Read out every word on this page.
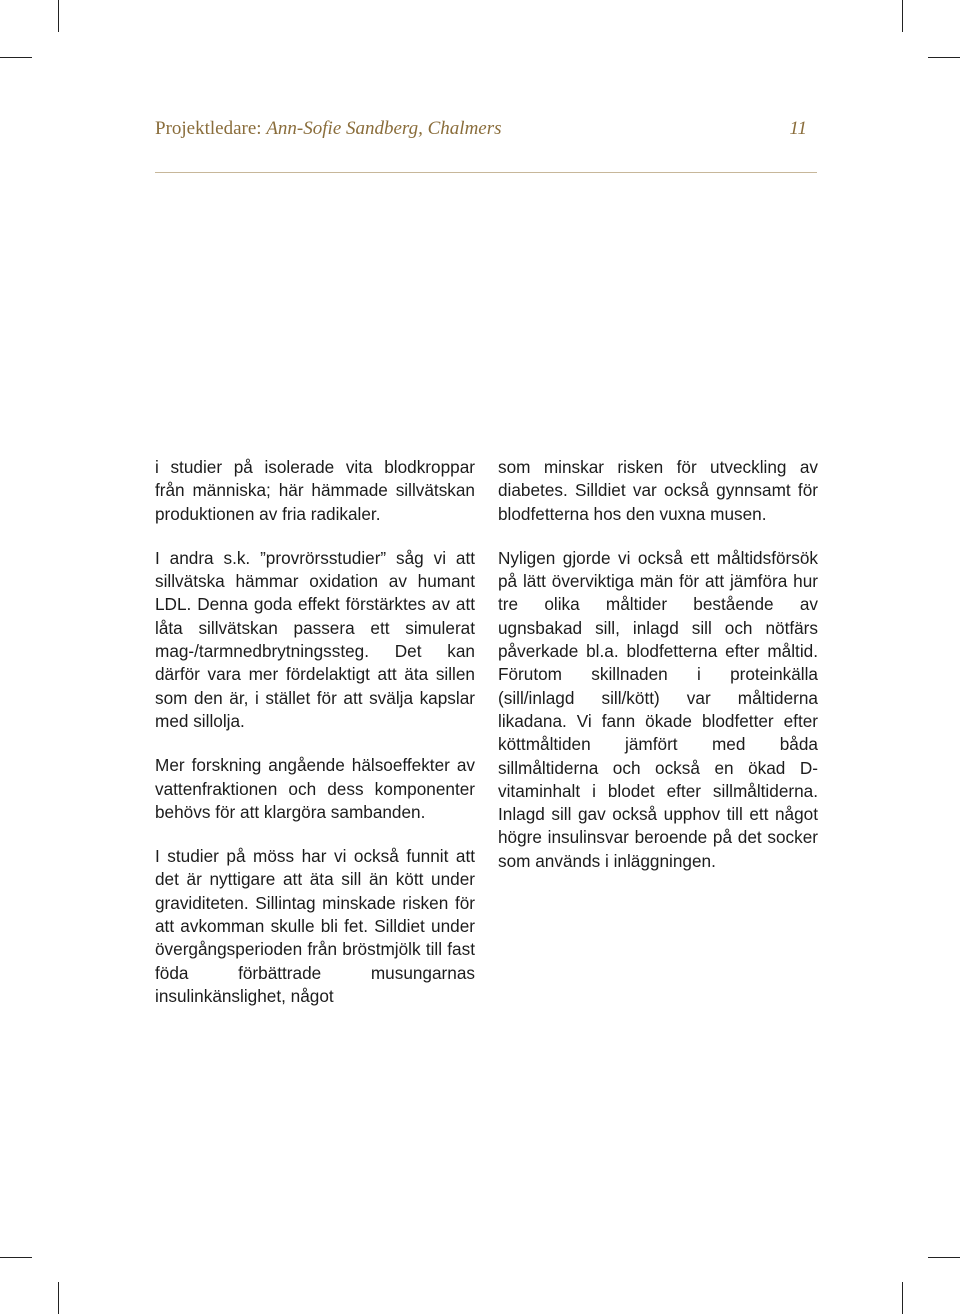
Projektledare: Ann-Sofie Sandberg, Chalmers	11

i studier på isolerade vita blodkroppar från människa; här hämmade sillvätskan produktionen av fria radikaler.

I andra s.k. ”provrörsstudier” såg vi att sillvätska hämmar oxidation av humant LDL. Denna goda effekt förstärktes av att låta sillvätskan passera ett simulerat mag-/tarmnedbrytningssteg. Det kan därför vara mer fördelaktigt att äta sillen som den är, i stället för att svälja kapslar med sillolja.

Mer forskning angående hälsoeffekter av vattenfraktionen och dess komponenter behövs för att klargöra sambanden.

I studier på möss har vi också funnit att det är nyttigare att äta sill än kött under graviditeten. Sillintag minskade risken för att avkomman skulle bli fet. Silldiet under övergångsperioden från bröstmjölk till fast föda förbättrade musungarnas insulinkänslighet, något

som minskar risken för utveckling av diabetes. Silldiet var också gynnsamt för blodfetterna hos den vuxna musen.

Nyligen gjorde vi också ett måltidsförsök på lätt överviktiga män för att jämföra hur tre olika måltider bestående av ugnsbakad sill, inlagd sill och nötfärs påverkade bl.a. blodfetterna efter måltid. Förutom skillnaden i proteinkälla (sill/inlagd sill/kött) var måltiderna likadana. Vi fann ökade blodfetter efter köttmåltiden jämfört med båda sillmåltiderna och också en ökad D-vitaminhalt i blodet efter sillmåltiderna. Inlagd sill gav också upphov till ett något högre insulinsvar beroende på det socker som används i inläggningen.
